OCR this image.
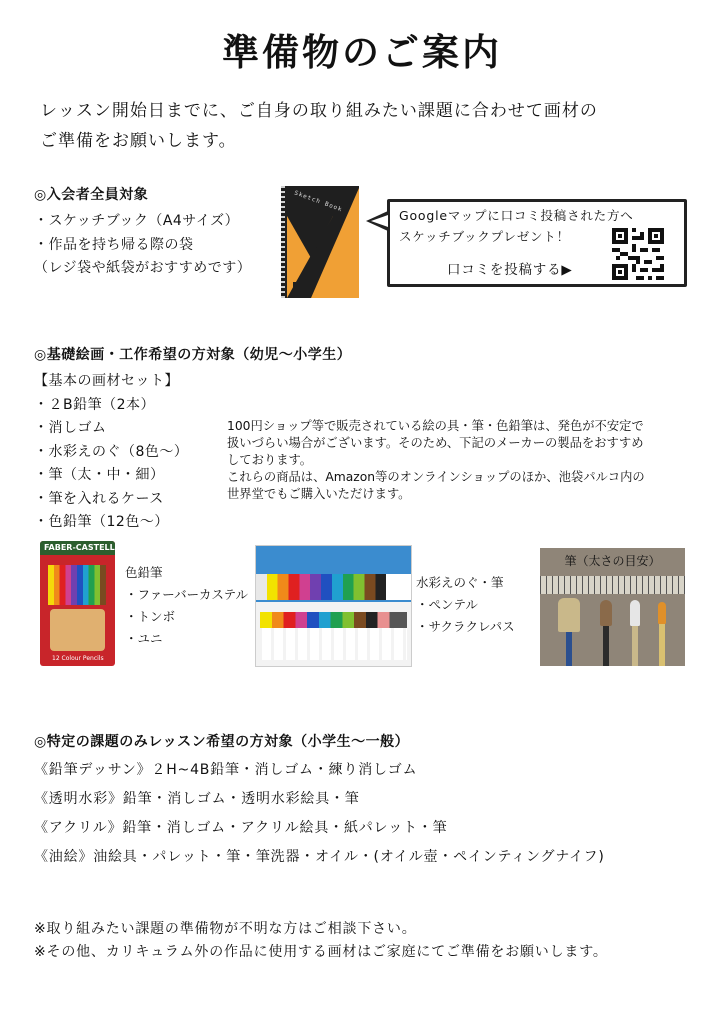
準備物のご案内
レッスン開始日までに、ご自身の取り組みたい課題に合わせて画材の
ご準備をお願いします。
◎入会者全員対象
・スケッチブック（A4サイズ）
・作品を持ち帰る際の袋
（レジ袋や紙袋がおすすめです）
Sketch Book
Googleマップに口コミ投稿された方へ
スケッチブックプレゼント！
口コミを投稿する▶
◎基礎絵画・工作希望の方対象（幼児〜小学生）
【基本の画材セット】
・２B鉛筆（2本）
・消しゴム
・水彩えのぐ（8色〜）
・筆（太・中・細）
・筆を入れるケース
・色鉛筆（12色〜）
100円ショップ等で販売されている絵の具・筆・色鉛筆は、発色が不安定で
扱いづらい場合がございます。そのため、下記のメーカーの製品をおすすめ
しております。
これらの商品は、Amazon等のオンラインショップのほか、池袋パルコ内の
世界堂でもご購入いただけます。
FABER-CASTELL
12 Colour Pencils
色鉛筆
・ファーバーカステル
・トンボ
・ユニ
水彩えのぐ・筆
・ぺンテル
・サクラクレパス
筆（太さの目安）
◎特定の課題のみレッスン希望の方対象（小学生〜一般）
《鉛筆デッサン》２H~4B鉛筆・消しゴム・練り消しゴム
《透明水彩》鉛筆・消しゴム・透明水彩絵具・筆
《アクリル》鉛筆・消しゴム・アクリル絵具・紙パレット・筆
《油絵》油絵具・パレット・筆・筆洗器・オイル・(オイル壺・ペインティングナイフ)
※取り組みたい課題の準備物が不明な方はご相談下さい。
※その他、カリキュラム外の作品に使用する画材はご家庭にてご準備をお願いします。
